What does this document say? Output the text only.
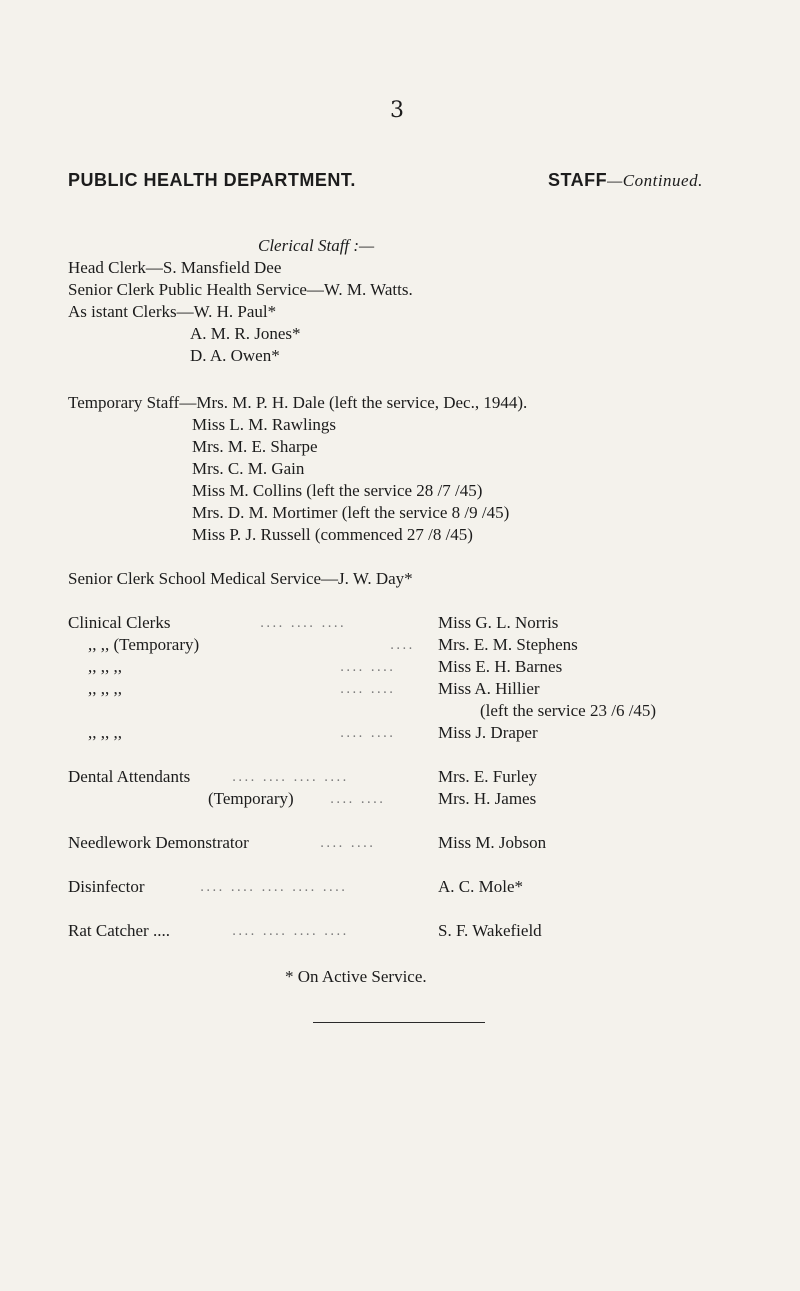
3
PUBLIC HEALTH DEPARTMENT.	STAFF—Continued.
Clerical Staff :—
Head Clerk—S. Mansfield Dee
Senior Clerk Public Health Service—W. M. Watts.
As istant Clerks—W. H. Paul*
A. M. R. Jones*
D. A. Owen*
Temporary Staff—Mrs. M. P. H. Dale (left the service, Dec., 1944).
Miss L. M. Rawlings
Mrs. M. E. Sharpe
Mrs. C. M. Gain
Miss M. Collins (left the service 28 /7 /45)
Mrs. D. M. Mortimer (left the service 8 /9 /45)
Miss P. J. Russell (commenced 27 /8 /45)
Senior Clerk School Medical Service—J. W. Day*
Clinical Clerks	.... .... ....	Miss G. L. Norris
,, ,, (Temporary)	.... Mrs. E. M. Stephens
,, ,, ,,	.... ....	Miss E. H. Barnes
,, ,, ,,	.... ....	Miss A. Hillier
(left the service 23 /6 /45)
,, ,, ,,	.... ....	Miss J. Draper
Dental Attendants	.... .... .... ....	Mrs. E. Furley
(Temporary)	.... ....	Mrs. H. James
Needlework Demonstrator	.... ....	Miss M. Jobson
Disinfector	.... .... .... .... ....	A. C. Mole*
Rat Catcher ....	.... .... .... ....	S. F. Wakefield
* On Active Service.
